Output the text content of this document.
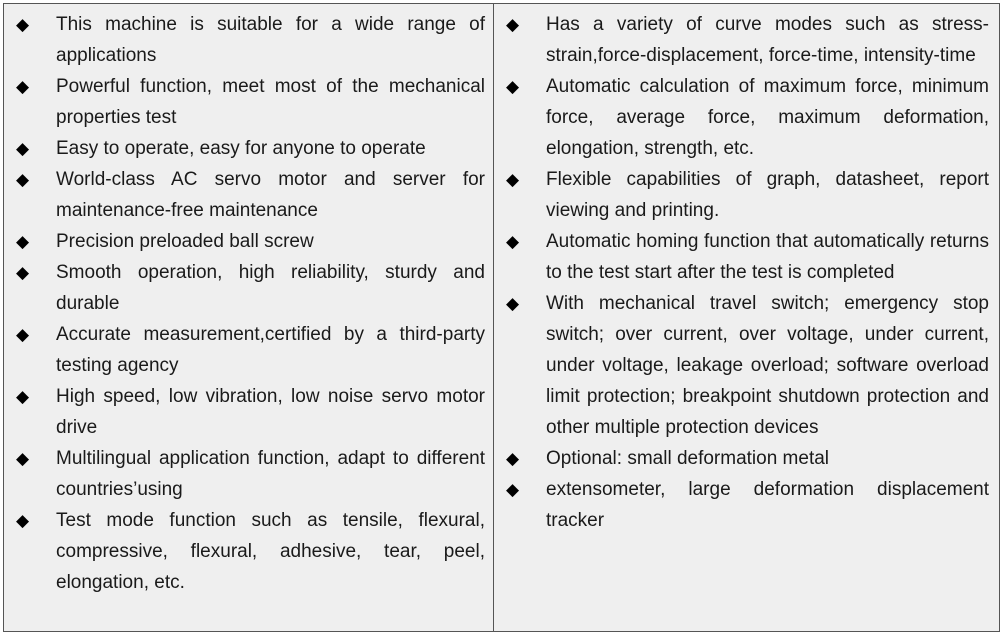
◆	This machine is suitable for a wide range of applications
◆	Powerful function, meet most of the mechanical properties test
◆	Easy to operate, easy for anyone to operate
◆	World-class AC servo motor and server for maintenance-free maintenance
◆	Precision preloaded ball screw
◆	Smooth operation, high reliability, sturdy and durable
◆	Accurate measurement,certified by a third-party testing agency
◆	High speed, low vibration, low noise servo motor drive
◆	Multilingual application function, adapt to different countries’using
◆	Test mode function such as tensile, flexural, compressive, flexural, adhesive, tear, peel, elongation, etc.
◆	Has a variety of curve modes such as stress-strain,force-displacement, force-time, intensity-time
◆	Automatic calculation of maximum force, minimum force, average force, maximum deformation, elongation, strength, etc.
◆	Flexible capabilities of graph, datasheet, report viewing and printing.
◆	Automatic homing function that automatically returns to the test start after the test is completed
◆	With mechanical travel switch; emergency stop switch; over current, over voltage, under current, under voltage, leakage overload; software overload limit protection; breakpoint shutdown protection and other multiple protection devices
◆	Optional: small deformation metal
◆	extensometer, large deformation displacement tracker
